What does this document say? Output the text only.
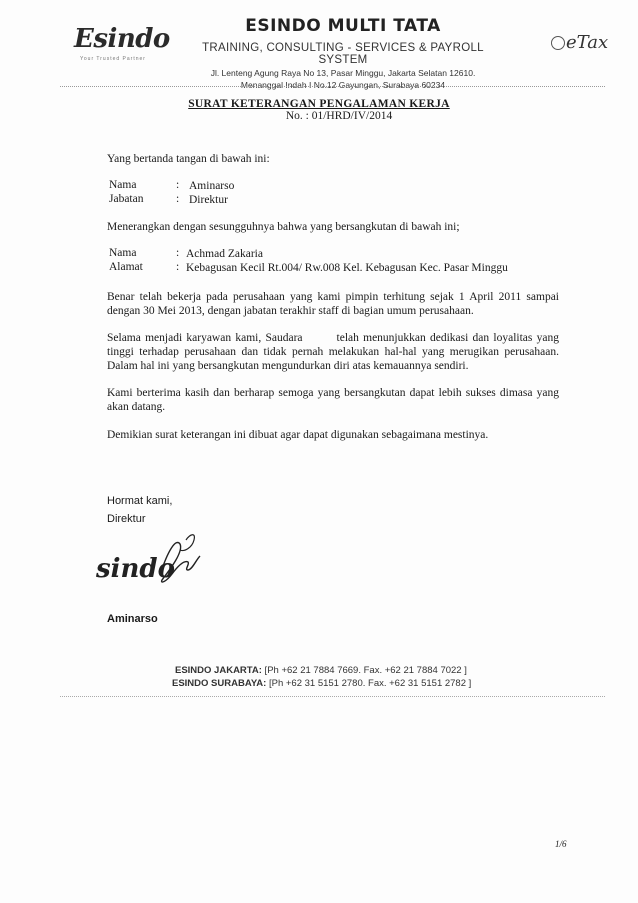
Esindo
Your Trusted Partner
ESINDO MULTI TATA
TRAINING, CONSULTING - SERVICES & PAYROLL SYSTEM
Jl. Lenteng Agung Raya No 13, Pasar Minggu, Jakarta Selatan 12610.
Menanggal Indah I No.12 Gayungan, Surabaya 60234
eTax
SURAT KETERANGAN PENGALAMAN KERJA
No. : 01/HRD/IV/2014
Yang bertanda tangan di bawah ini:
Nama	: Aminarso
Jabatan	: Direktur
Menerangkan dengan sesungguhnya bahwa yang bersangkutan di bawah ini;
Nama	: Achmad Zakaria
Alamat	: Kebagusan Kecil Rt.004/ Rw.008 Kel. Kebagusan Kec. Pasar Minggu
Benar telah bekerja pada perusahaan yang kami pimpin terhitung sejak 1 April 2011 sampai dengan 30 Mei 2013, dengan jabatan terakhir staff di bagian umum perusahaan.
Selama menjadi karyawan kami, Saudara        telah menunjukkan dedikasi dan loyalitas yang tinggi terhadap perusahaan dan tidak pernah melakukan hal-hal yang merugikan perusahaan. Dalam hal ini yang bersangkutan mengundurkan diri atas kemauannya sendiri.
Kami berterima kasih dan berharap semoga yang bersangkutan dapat lebih sukses dimasa yang akan datang.
Demikian surat keterangan ini dibuat agar dapat digunakan sebagaimana mestinya.
Hormat kami,
Direktur
sindo
Aminarso
ESINDO JAKARTA: [Ph +62 21 7884 7669. Fax. +62 21 7884 7022 ]
ESINDO SURABAYA: [Ph +62 31 5151 2780. Fax. +62 31 5151 2782 ]
1/6
